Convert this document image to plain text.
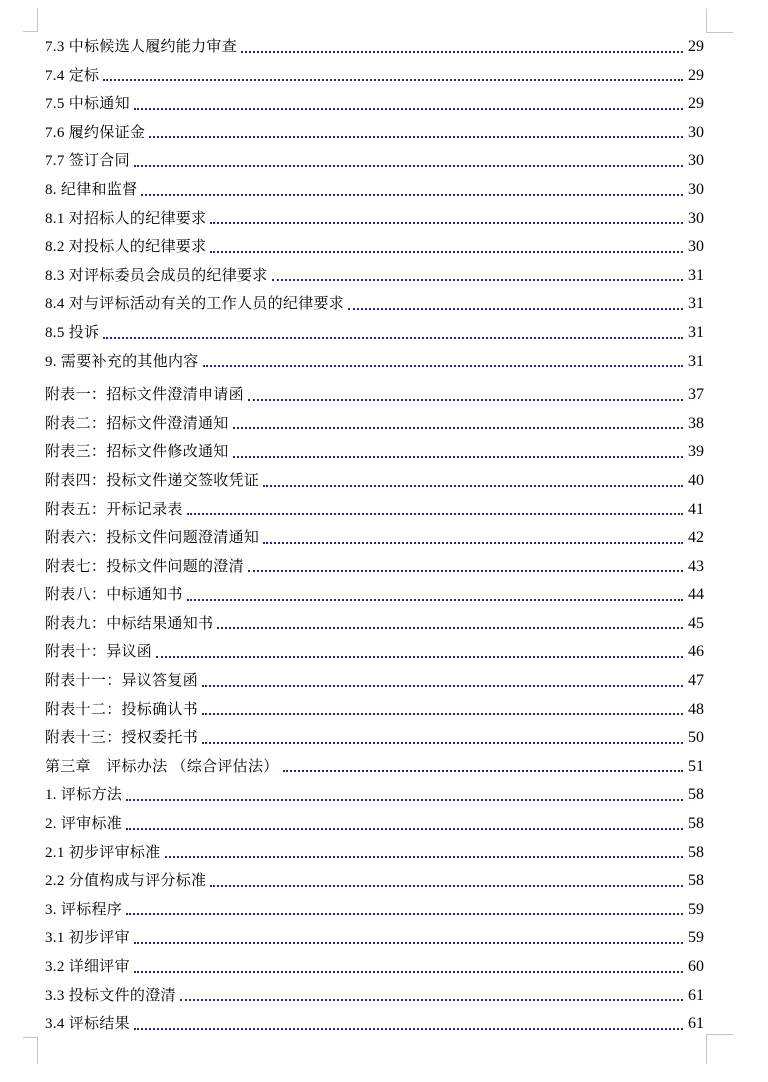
7.3 中标候选人履约能力审查	29
7.4 定标	29
7.5 中标通知	29
7.6 履约保证金	30
7.7 签订合同	30
8. 纪律和监督	30
8.1 对招标人的纪律要求	30
8.2 对投标人的纪律要求	30
8.3 对评标委员会成员的纪律要求	31
8.4 对与评标活动有关的工作人员的纪律要求	31
8.5 投诉	31
9. 需要补充的其他内容	31
附表一：招标文件澄清申请函	37
附表二：招标文件澄清通知	38
附表三：招标文件修改通知	39
附表四：投标文件递交签收凭证	40
附表五：开标记录表	41
附表六：投标文件问题澄清通知	42
附表七：投标文件问题的澄清	43
附表八：中标通知书	44
附表九：中标结果通知书	45
附表十：异议函	46
附表十一：异议答复函	47
附表十二：投标确认书	48
附表十三：授权委托书	50
第三章　评标办法 （综合评估法）	51
1. 评标方法	58
2. 评审标准	58
2.1 初步评审标准	58
2.2 分值构成与评分标准	58
3. 评标程序	59
3.1 初步评审	59
3.2 详细评审	60
3.3 投标文件的澄清	61
3.4 评标结果	61
